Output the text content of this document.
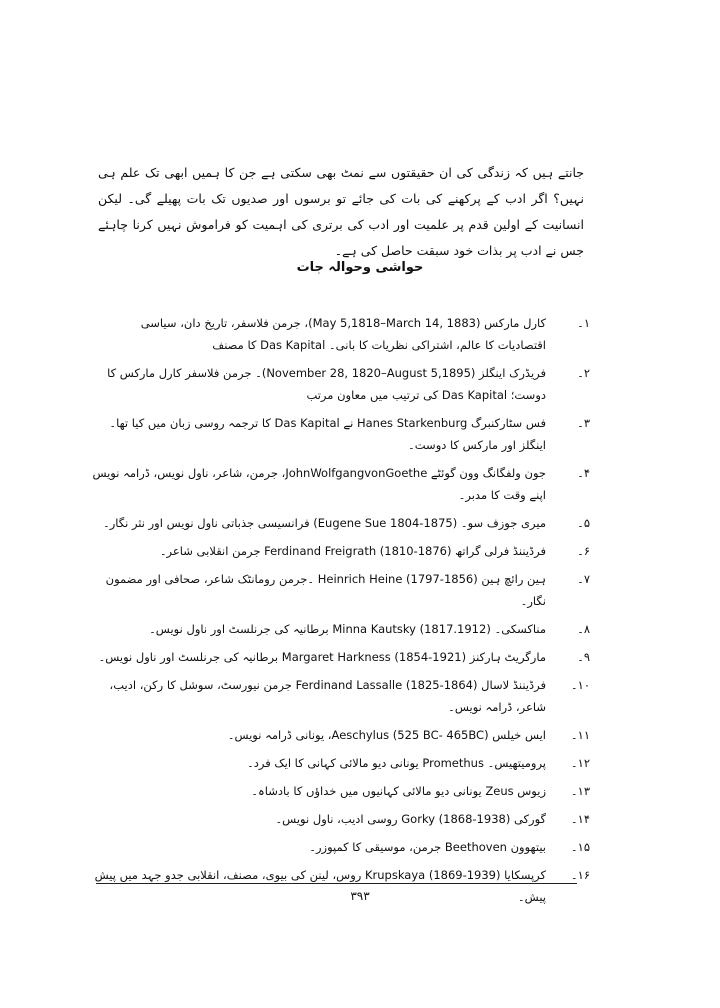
جانتے ہیں کہ زندگی کی ان حقیقتوں سے نمٹ بھی سکتی ہے جن کا ہمیں ابھی تک علم ہی نہیں؟ اگر ادب کے پرکھنے کی بات کی جائے تو برسوں اور صدیوں تک بات پھیلے گی۔ لیکن انسانیت کے اولین قدم پر علمیت اور ادب کی برتری کی اہمیت کو فراموش نہیں کرنا چاہئے جس نے ادب پر بذات خود سبقت حاصل کی ہے۔

حواشی وحوالہ جات
۱۔
کارل مارکس (May 5,1818–March 14, 1883)، جرمن فلاسفر، تاریخ دان، سیاسی اقتصادیات کا عالم، اشتراکی نظریات کا بانی۔ Das Kapital کا مصنف
۲۔
فریڈرک اینگلز (November 28, 1820–August 5,1895)۔ جرمن فلاسفر کارل مارکس کا دوست؛ Das Kapital کی ترتیب میں معاون مرتب
۳۔
فس سٹارکنبرگ Hanes Starkenburg نے Das Kapital کا ترجمہ روسی زبان میں کیا تھا۔ اینگلز اور مارکس کا دوست۔
۴۔
جون ولفگانگ وون گوئٹے JohnWolfgangvonGoethe، جرمن، شاعر، ناول نویس، ڈرامہ نویس اپنے وقت کا مدبر۔
۵۔
میری جوزف سو۔ (Eugene Sue 1804-1875) فرانسیسی جذباتی ناول نویس اور نثر نگار۔
۶۔
فرڈیننڈ فرلی گراتھ (Ferdinand Freigrath (1810-1876 جرمن انقلابی شاعر۔
۷۔
ہین رائچ ہین (Heinrich Heine (1797-1856 ۔جرمن رومانٹک شاعر، صحافی اور مضمون نگار۔
۸۔
مناکسکی۔ (Minna Kautsky (1817.1912 برطانیہ کی جرنلسٹ اور ناول نویس۔
۹۔
مارگریٹ ہارکنز (Margaret Harkness (1854-1921 برطانیہ کی جرنلسٹ اور ناول نویس۔
۱۰۔
فرڈیننڈ لاسال (Ferdinand Lassalle (1825-1864 جرمن نیورسٹ، سوشل کا رکن، ادیب، شاعر، ڈرامہ نویس۔
۱۱۔
ایس خیلس (Aeschylus (525 BC- 465BC، یونانی ڈرامہ نویس۔
۱۲۔
پرومیتھیس۔ Promethus یونانی دیو مالائی کہانی کا ایک فرد۔
۱۳۔
زیوس Zeus یونانی دیو مالائی کہانیوں میں خداؤں کا بادشاہ۔
۱۴۔
گورکی (Gorky (1868-1938 روسی ادیب، ناول نویس۔
۱۵۔
بیتھوون Beethoven جرمن، موسیقی کا کمپوزر۔
۱۶۔
کرپسکایا (Krupskaya (1869-1939 روس، لینن کی بیوی، مصنف، انقلابی جدو جہد میں پیش پیش۔
۳۹۳
